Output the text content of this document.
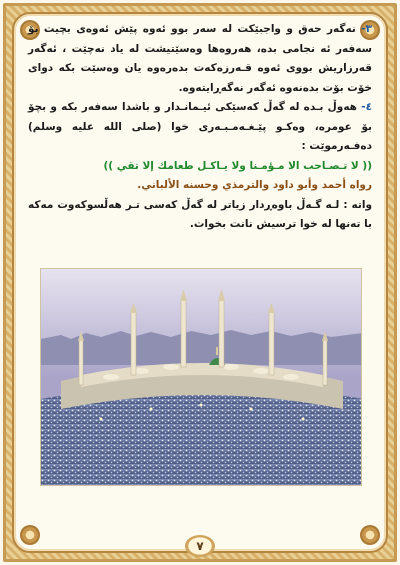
٣- نەگەر حەق و واجبێکت لە سەر بوو ئەوە پێش ئەوەی بچیت بۆ سەفەر ئە نجامی بدە، هەروەها وەسێتیشت لە یاد نەچێت ، ئەگەر قەرزاریش بووی ئەوە قـەرزەکەت بدەرەوە یان وەسێت بکە دوای خۆت بۆت بدەنەوە ئەگەر نەگەڕایتەوە.

٤- هەوڵ بـدە لە گەڵ کەسێکی ئیـمانـدار و باشدا سەفەر بکە و بچۆ بۆ عومرە، وەکـو پێـغـەمـبـەری خوا (صلی الله علیه وسلم) دەفـەرموێت :

(( لا تـصـاحب الا مـؤمـنا ولا يـاكـل طعامك إلا تقي ))

رواه أحمد وأبو داود والترمذي وحسنه الألباني.

واتە : لـە گـەڵ باوەڕدار زیاتر لە گەڵ کەسی تـر هەڵسوکەوت مەکە با تەنها لە خوا ترسیش نانت بخوات.

٧
